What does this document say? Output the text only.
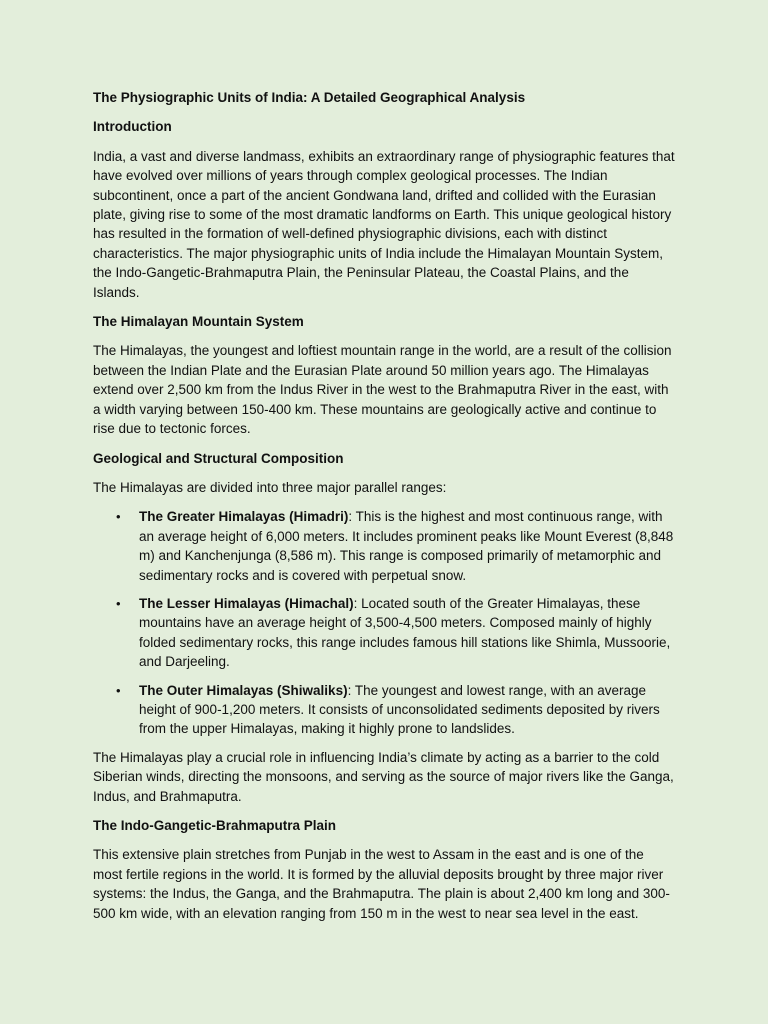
The Physiographic Units of India: A Detailed Geographical Analysis
Introduction

India, a vast and diverse landmass, exhibits an extraordinary range of physiographic features that have evolved over millions of years through complex geological processes. The Indian subcontinent, once a part of the ancient Gondwana land, drifted and collided with the Eurasian plate, giving rise to some of the most dramatic landforms on Earth. This unique geological history has resulted in the formation of well-defined physiographic divisions, each with distinct characteristics. The major physiographic units of India include the Himalayan Mountain System, the Indo-Gangetic-Brahmaputra Plain, the Peninsular Plateau, the Coastal Plains, and the Islands.

The Himalayan Mountain System

The Himalayas, the youngest and loftiest mountain range in the world, are a result of the collision between the Indian Plate and the Eurasian Plate around 50 million years ago. The Himalayas extend over 2,500 km from the Indus River in the west to the Brahmaputra River in the east, with a width varying between 150-400 km. These mountains are geologically active and continue to rise due to tectonic forces.

Geological and Structural Composition

The Himalayas are divided into three major parallel ranges:

• The Greater Himalayas (Himadri): This is the highest and most continuous range, with an average height of 6,000 meters. It includes prominent peaks like Mount Everest (8,848 m) and Kanchenjunga (8,586 m). This range is composed primarily of metamorphic and sedimentary rocks and is covered with perpetual snow.
• The Lesser Himalayas (Himachal): Located south of the Greater Himalayas, these mountains have an average height of 3,500-4,500 meters. Composed mainly of highly folded sedimentary rocks, this range includes famous hill stations like Shimla, Mussoorie, and Darjeeling.
• The Outer Himalayas (Shiwaliks): The youngest and lowest range, with an average height of 900-1,200 meters. It consists of unconsolidated sediments deposited by rivers from the upper Himalayas, making it highly prone to landslides.

The Himalayas play a crucial role in influencing India’s climate by acting as a barrier to the cold Siberian winds, directing the monsoons, and serving as the source of major rivers like the Ganga, Indus, and Brahmaputra.

The Indo-Gangetic-Brahmaputra Plain

This extensive plain stretches from Punjab in the west to Assam in the east and is one of the most fertile regions in the world. It is formed by the alluvial deposits brought by three major river systems: the Indus, the Ganga, and the Brahmaputra. The plain is about 2,400 km long and 300-500 km wide, with an elevation ranging from 150 m in the west to near sea level in the east.
